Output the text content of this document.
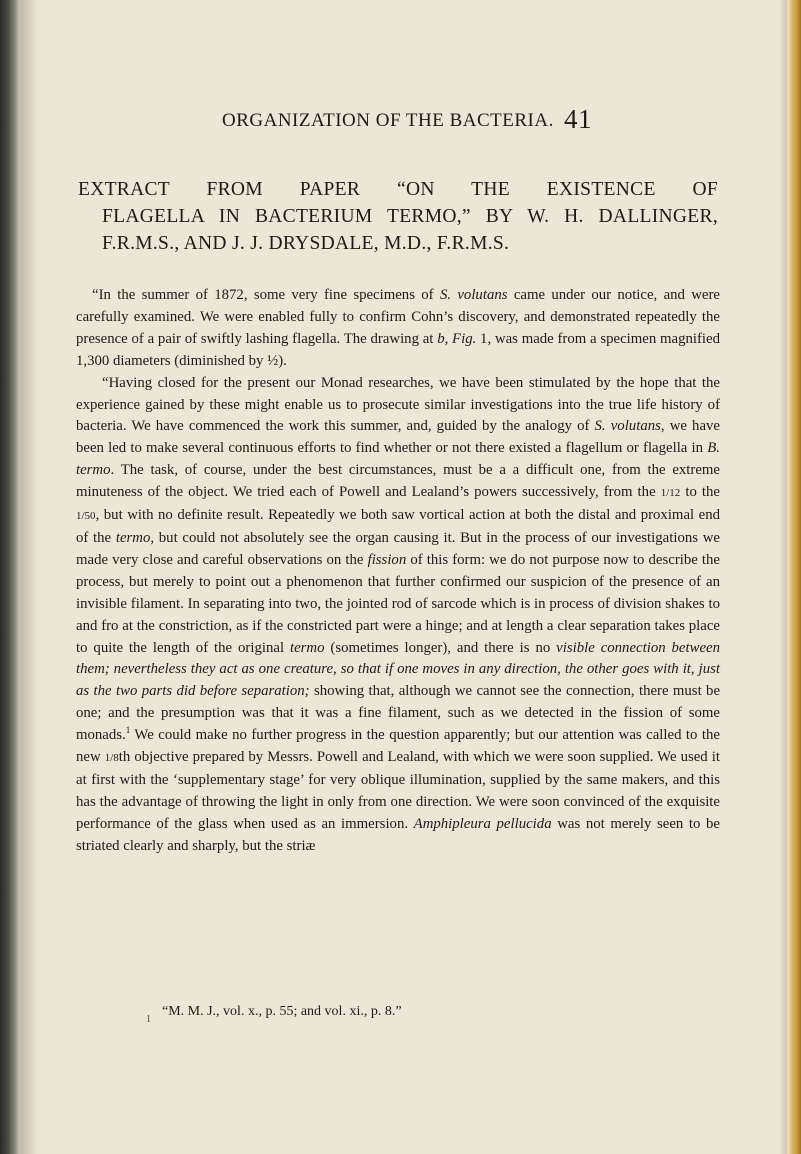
ORGANIZATION OF THE BACTERIA. 41
EXTRACT FROM PAPER “ON THE EXISTENCE OF
FLAGELLA IN BACTERIUM TERMO,” BY W. H. DALLINGER, F.R.M.S., AND J. J. DRYSDALE, M.D., F.R.M.S.

“In the summer of 1872, some very fine specimens of S. volutans came under our notice, and were carefully examined. We were enabled fully to confirm Cohn’s discovery, and demonstrated repeatedly the presence of a pair of swiftly lashing flagella. The drawing at b, Fig. 1, was made from a specimen magnified 1,300 diameters (diminished by ½).

“Having closed for the present our Monad researches, we have been stimulated by the hope that the experience gained by these might enable us to prosecute similar investigations into the true life history of bacteria. We have commenced the work this summer, and, guided by the analogy of S. volutans, we have been led to make several continuous efforts to find whether or not there existed a flagellum or flagella in B. termo. The task, of course, under the best circumstances, must be a a difficult one, from the extreme minuteness of the object. We tried each of Powell and Lealand’s powers successively, from the 1/12 to the 1/50, but with no definite result. Repeatedly we both saw vortical action at both the distal and proximal end of the termo, but could not absolutely see the organ causing it. But in the process of our investigations we made very close and careful observations on the fission of this form: we do not purpose now to describe the process, but merely to point out a phenomenon that further confirmed our suspicion of the presence of an invisible filament. In separating into two, the jointed rod of sarcode which is in process of division shakes to and fro at the constriction, as if the constricted part were a hinge; and at length a clear separation takes place to quite the length of the original termo (sometimes longer), and there is no visible connection between them; nevertheless they act as one creature, so that if one moves in any direction, the other goes with it, just as the two parts did before separation; showing that, although we cannot see the connection, there must be one; and the presumption was that it was a fine filament, such as we detected in the fission of some monads.$^1$ We could make no further progress in the question apparently; but our attention was called to the new 1/8th objective prepared by Messrs. Powell and Lealand, with which we were soon supplied. We used it at first with the ‘supplementary stage’ for very oblique illumination, supplied by the same makers, and this has the advantage of throwing the light in only from one direction. We were soon convinced of the exquisite performance of the glass when used as an immersion. Amphipleura pellucida was not merely seen to be striated clearly and sharply, but the striæ

1
“M. M. J., vol. x., p. 55; and vol. xi., p. 8.”
